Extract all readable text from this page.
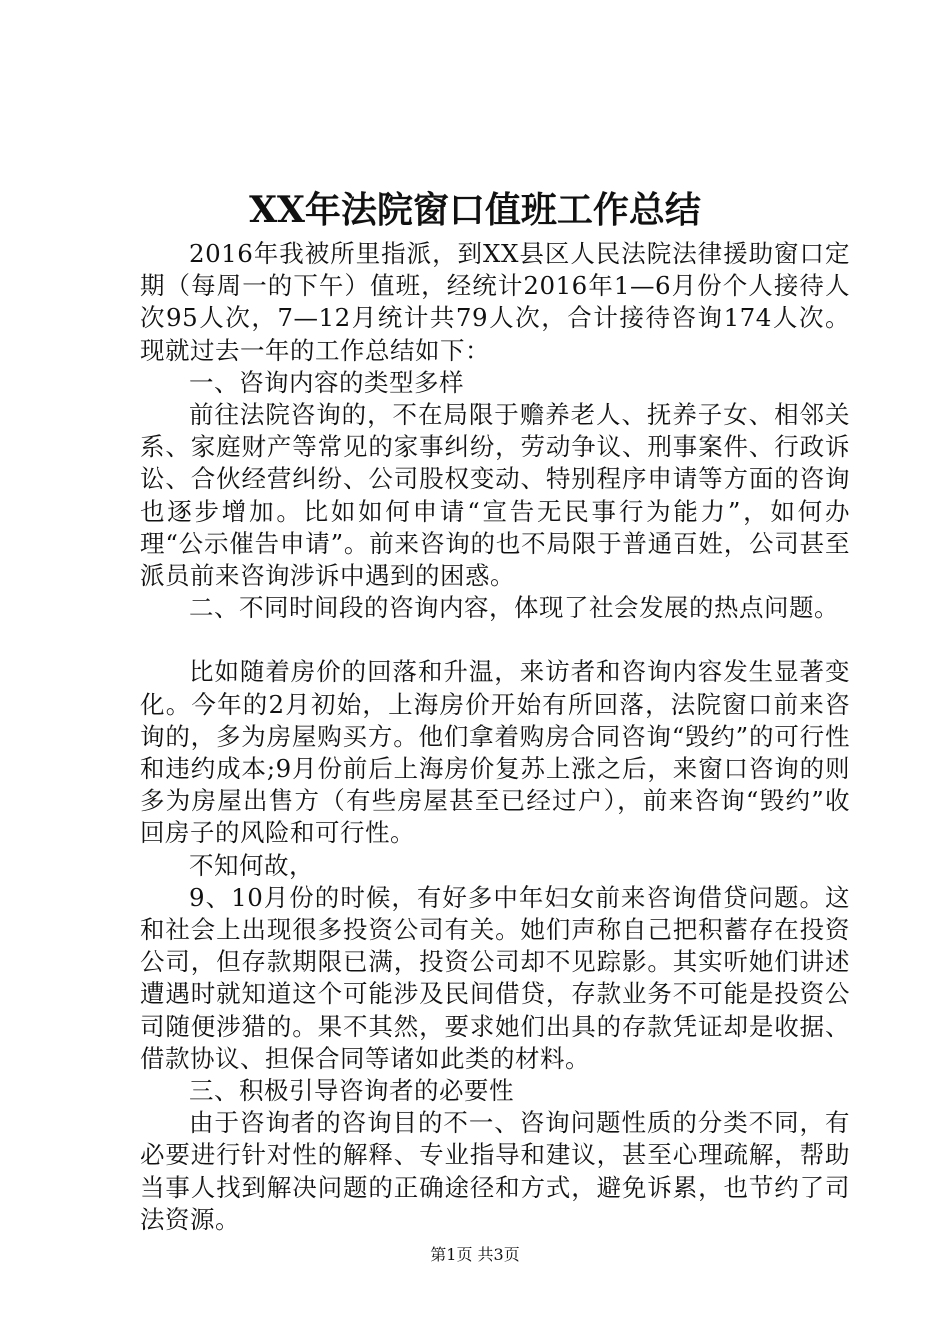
XX年法院窗口值班工作总结

2016年我被所里指派，到XX县区人民法院法律援助窗口定期（每周一的下午）值班，经统计2016年1—6月份个人接待人次95人次，7—12月统计共79人次，合计接待咨询174人次。现就过去一年的工作总结如下：

一、咨询内容的类型多样

前往法院咨询的，不在局限于赡养老人、抚养子女、相邻关系、家庭财产等常见的家事纠纷，劳动争议、刑事案件、行政诉讼、合伙经营纠纷、公司股权变动、特别程序申请等方面的咨询也逐步增加。比如如何申请“宣告无民事行为能力”，如何办理“公示催告申请”。前来咨询的也不局限于普通百姓，公司甚至派员前来咨询涉诉中遇到的困惑。

二、不同时间段的咨询内容，体现了社会发展的热点问题。

比如随着房价的回落和升温，来访者和咨询内容发生显著变化。今年的2月初始，上海房价开始有所回落，法院窗口前来咨询的，多为房屋购买方。他们拿着购房合同咨询“毁约”的可行性和违约成本;9月份前后上海房价复苏上涨之后，来窗口咨询的则多为房屋出售方（有些房屋甚至已经过户），前来咨询“毁约”收回房子的风险和可行性。

不知何故，

9、10月份的时候，有好多中年妇女前来咨询借贷问题。这和社会上出现很多投资公司有关。她们声称自己把积蓄存在投资公司，但存款期限已满，投资公司却不见踪影。其实听她们讲述遭遇时就知道这个可能涉及民间借贷，存款业务不可能是投资公司随便涉猎的。果不其然，要求她们出具的存款凭证却是收据、借款协议、担保合同等诸如此类的材料。

三、积极引导咨询者的必要性

由于咨询者的咨询目的不一、咨询问题性质的分类不同，有必要进行针对性的解释、专业指导和建议，甚至心理疏解，帮助当事人找到解决问题的正确途径和方式，避免诉累，也节约了司法资源。

第1页 共3页
